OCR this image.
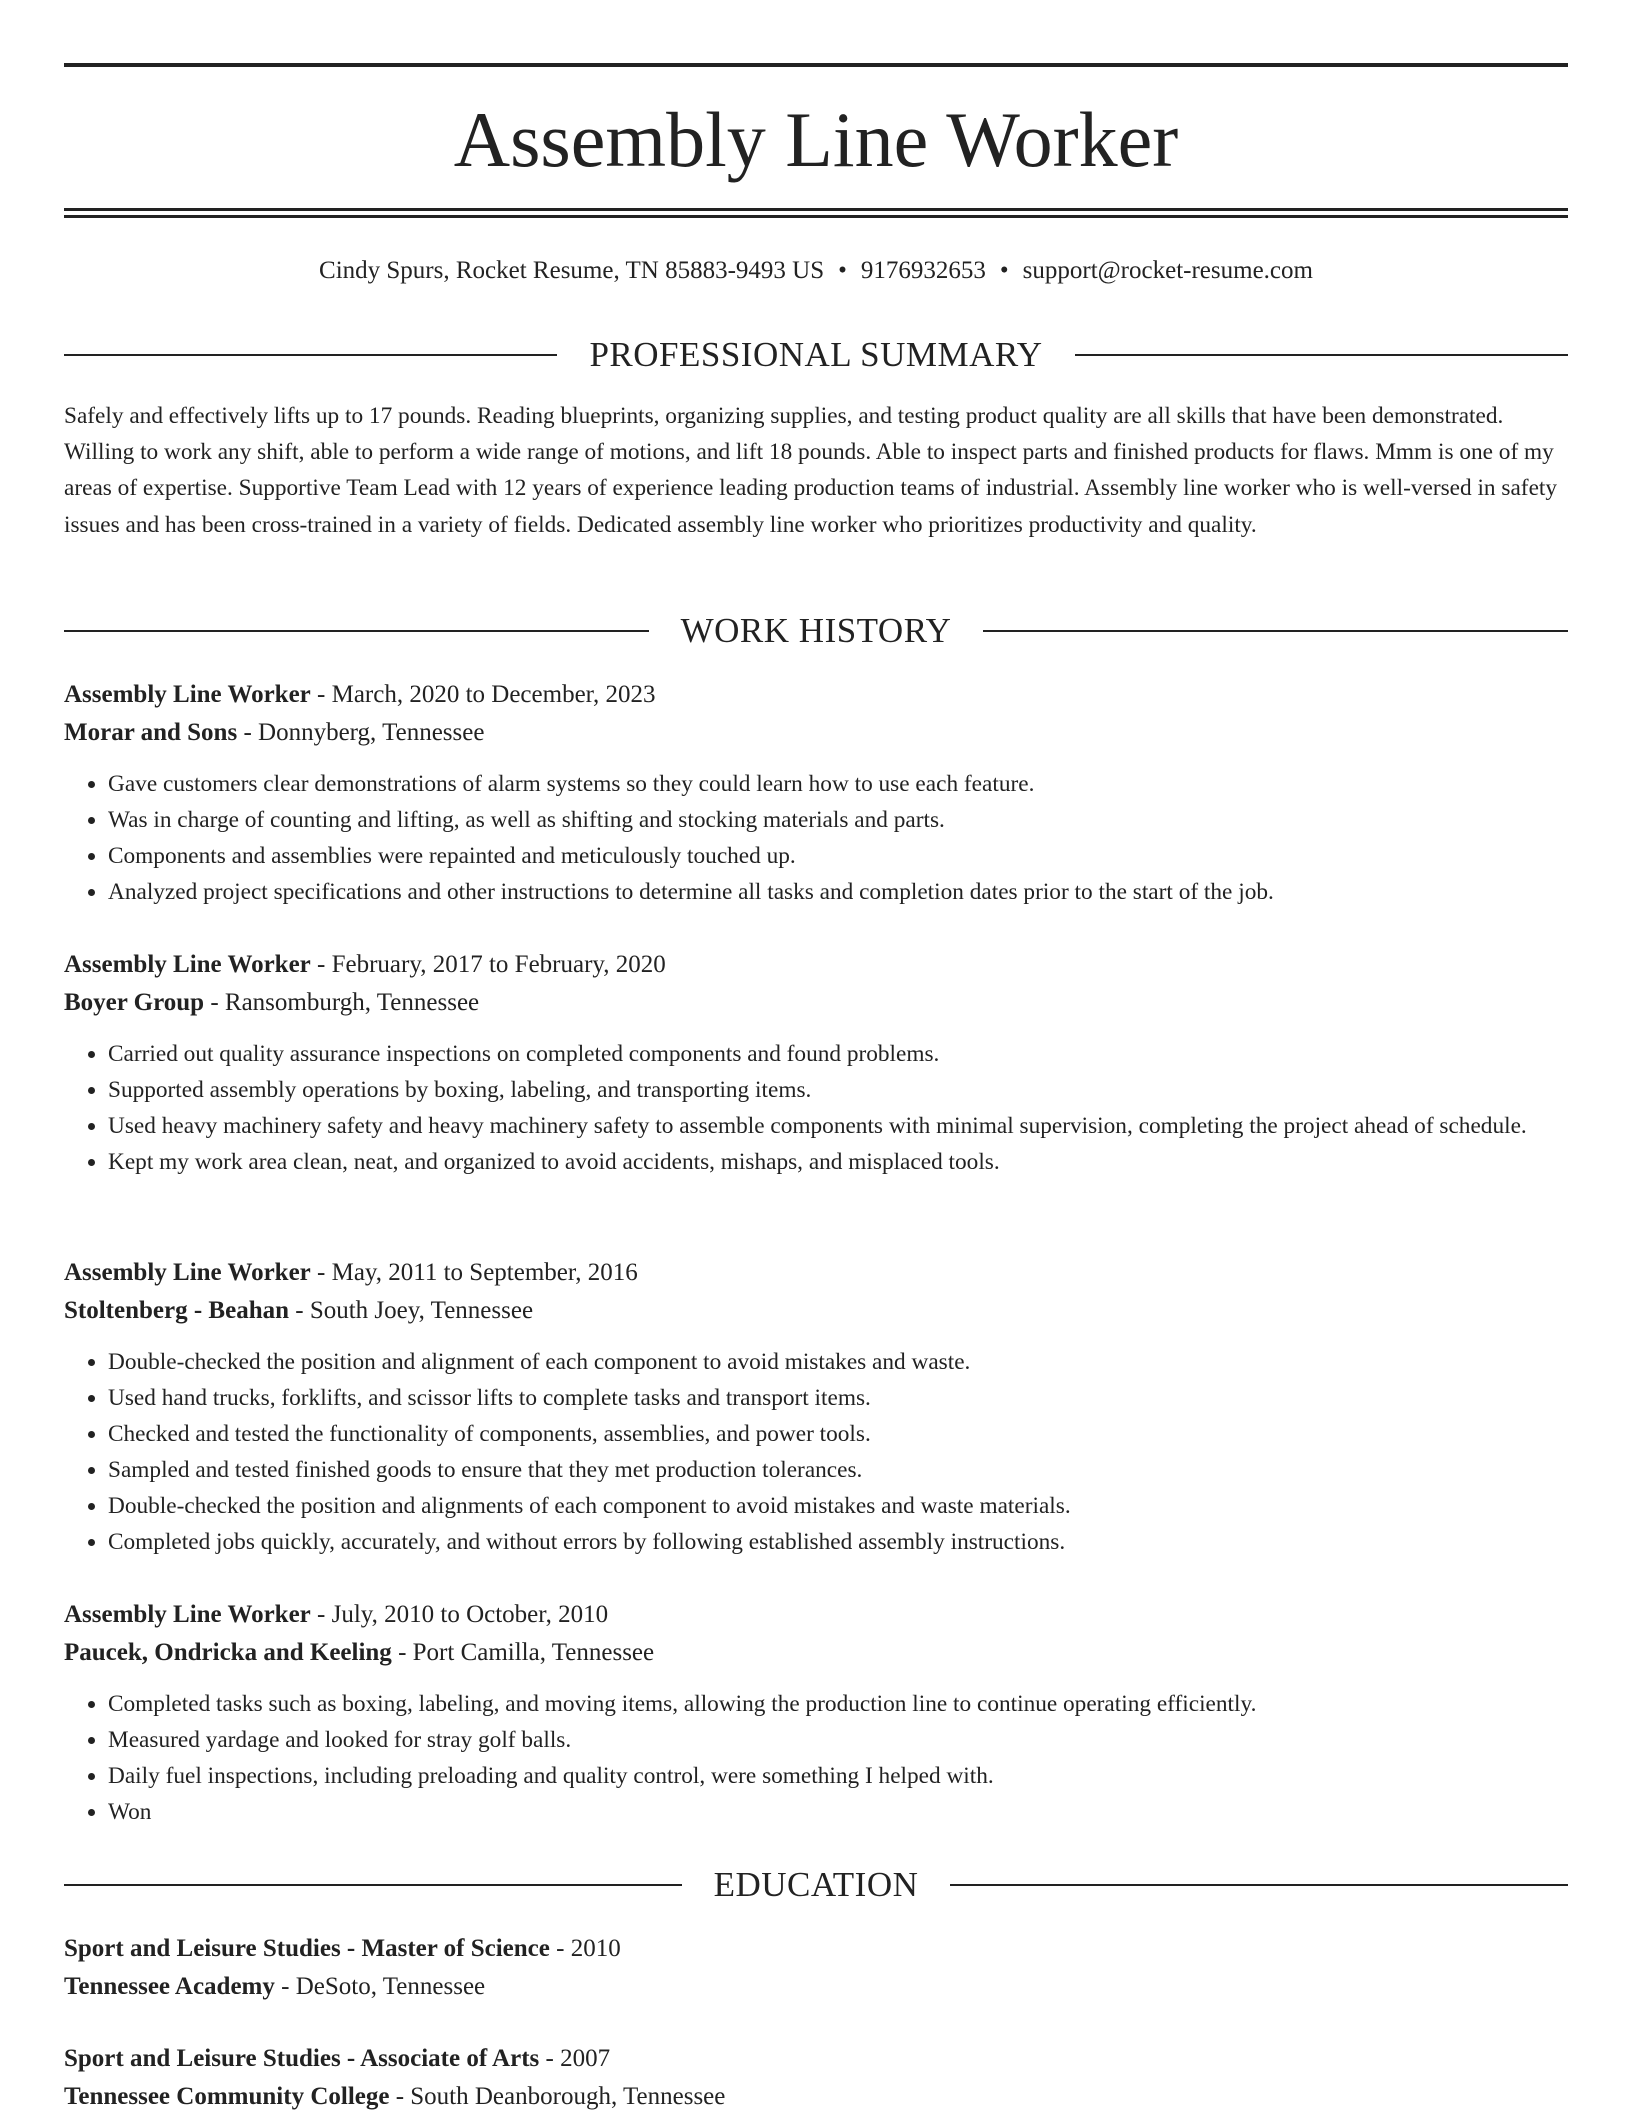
Assembly Line Worker
Cindy Spurs, Rocket Resume, TN 85883-9493 US • 9176932653 • support@rocket-resume.com
PROFESSIONAL SUMMARY

Safely and effectively lifts up to 17 pounds. Reading blueprints, organizing supplies, and testing product quality are all skills that have been demonstrated. Willing to work any shift, able to perform a wide range of motions, and lift 18 pounds. Able to inspect parts and finished products for flaws. Mmm is one of my areas of expertise. Supportive Team Lead with 12 years of experience leading production teams of industrial. Assembly line worker who is well-versed in safety issues and has been cross-trained in a variety of fields. Dedicated assembly line worker who prioritizes productivity and quality.

WORK HISTORY
Assembly Line Worker - March, 2020 to December, 2023
Morar and Sons - Donnyberg, Tennessee
• Gave customers clear demonstrations of alarm systems so they could learn how to use each feature.
• Was in charge of counting and lifting, as well as shifting and stocking materials and parts.
• Components and assemblies were repainted and meticulously touched up.
• Analyzed project specifications and other instructions to determine all tasks and completion dates prior to the start of the job.
Assembly Line Worker - February, 2017 to February, 2020
Boyer Group - Ransomburgh, Tennessee
• Carried out quality assurance inspections on completed components and found problems.
• Supported assembly operations by boxing, labeling, and transporting items.
• Used heavy machinery safety and heavy machinery safety to assemble components with minimal supervision, completing the project ahead of schedule.
• Kept my work area clean, neat, and organized to avoid accidents, mishaps, and misplaced tools.
Assembly Line Worker - May, 2011 to September, 2016
Stoltenberg - Beahan - South Joey, Tennessee
• Double-checked the position and alignment of each component to avoid mistakes and waste.
• Used hand trucks, forklifts, and scissor lifts to complete tasks and transport items.
• Checked and tested the functionality of components, assemblies, and power tools.
• Sampled and tested finished goods to ensure that they met production tolerances.
• Double-checked the position and alignments of each component to avoid mistakes and waste materials.
• Completed jobs quickly, accurately, and without errors by following established assembly instructions.
Assembly Line Worker - July, 2010 to October, 2010
Paucek, Ondricka and Keeling - Port Camilla, Tennessee
• Completed tasks such as boxing, labeling, and moving items, allowing the production line to continue operating efficiently.
• Measured yardage and looked for stray golf balls.
• Daily fuel inspections, including preloading and quality control, were something I helped with.
• Won
EDUCATION
Sport and Leisure Studies - Master of Science - 2010
Tennessee Academy - DeSoto, Tennessee
Sport and Leisure Studies - Associate of Arts - 2007
Tennessee Community College - South Deanborough, Tennessee
